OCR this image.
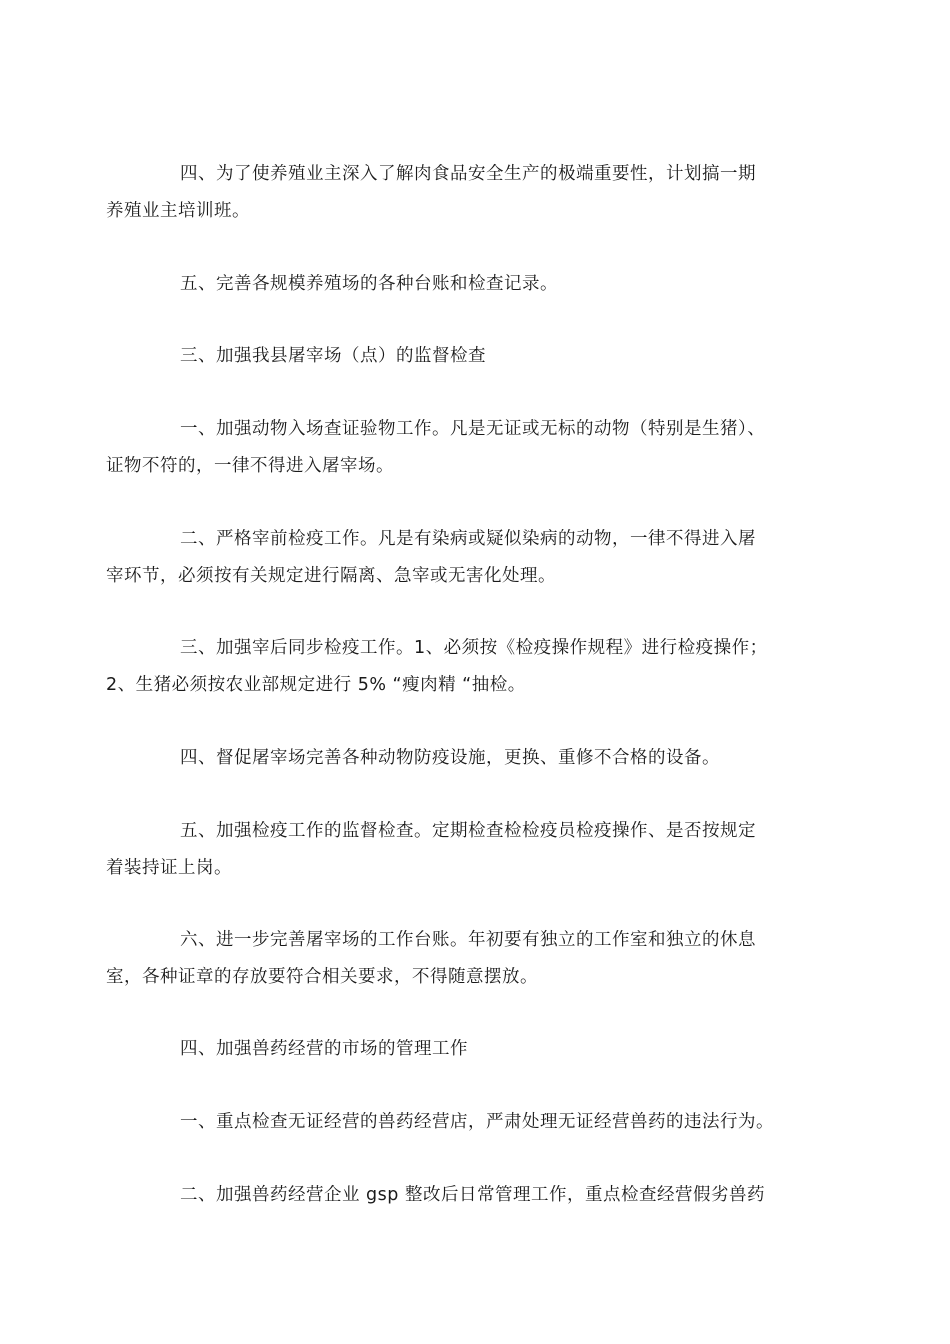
四、为了使养殖业主深入了解肉食品安全生产的极端重要性，计划搞一期
养殖业主培训班。
五、完善各规模养殖场的各种台账和检查记录。
三、加强我县屠宰场（点）的监督检查
一、加强动物入场查证验物工作。凡是无证或无标的动物（特别是生猪）、
证物不符的，一律不得进入屠宰场。
二、严格宰前检疫工作。凡是有染病或疑似染病的动物，一律不得进入屠
宰环节，必须按有关规定进行隔离、急宰或无害化处理。
三、加强宰后同步检疫工作。1、必须按《检疫操作规程》进行检疫操作；
2、生猪必须按农业部规定进行 5% “瘦肉精 “抽检。
四、督促屠宰场完善各种动物防疫设施，更换、重修不合格的设备。
五、加强检疫工作的监督检查。定期检查检检疫员检疫操作、是否按规定
着装持证上岗。
六、进一步完善屠宰场的工作台账。年初要有独立的工作室和独立的休息
室，各种证章的存放要符合相关要求，不得随意摆放。
四、加强兽药经营的市场的管理工作
一、重点检查无证经营的兽药经营店，严肃处理无证经营兽药的违法行为。
二、加强兽药经营企业 gsp 整改后日常管理工作，重点检查经营假劣兽药
